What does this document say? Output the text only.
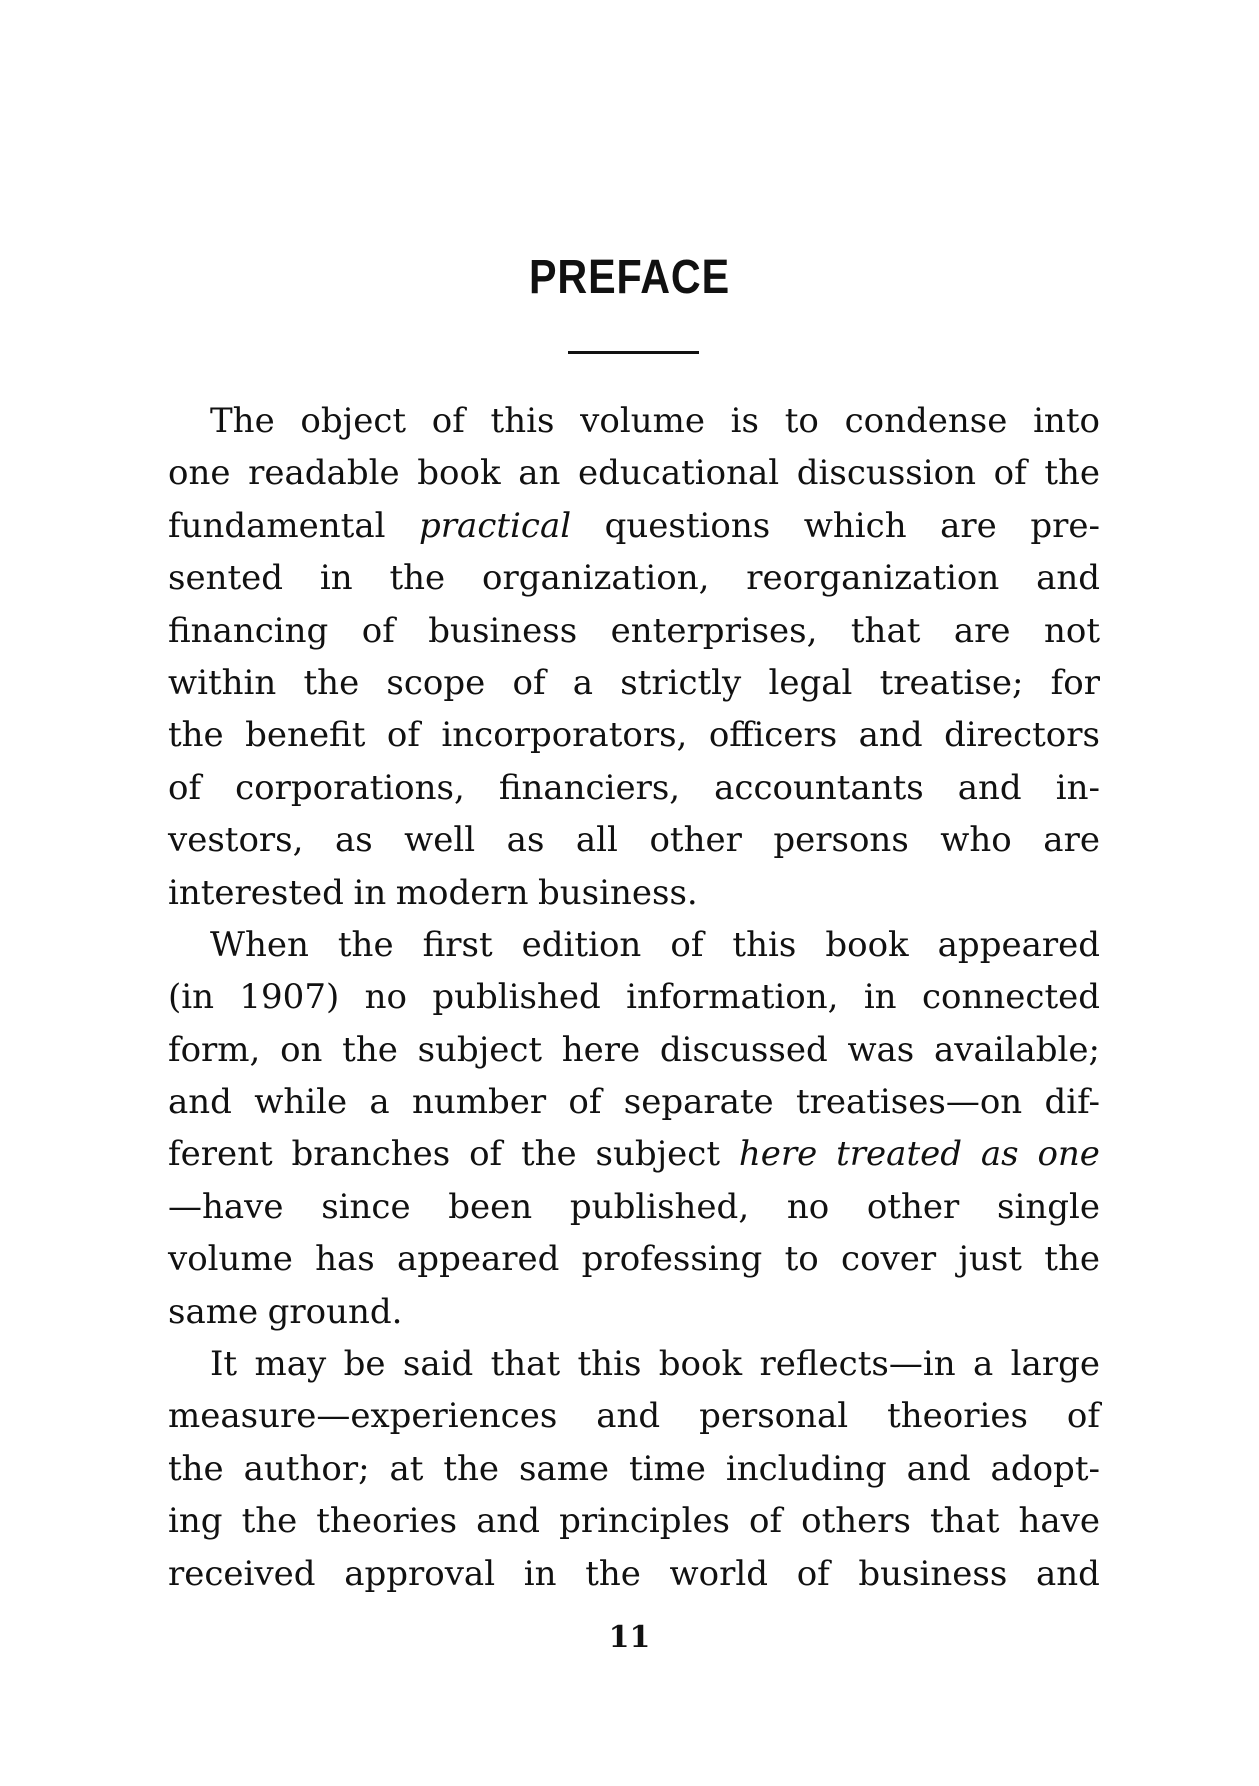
PREFACE
The object of this volume is to condense into
one readable book an educational discussion of the
fundamental practical questions which are pre-
sented in the organization, reorganization and
financing of business enterprises, that are not
within the scope of a strictly legal treatise; for
the benefit of incorporators, officers and directors
of corporations, financiers, accountants and in-
vestors, as well as all other persons who are
interested in modern business.
When the first edition of this book appeared
(in 1907) no published information, in connected
form, on the subject here discussed was available;
and while a number of separate treatises—on dif-
ferent branches of the subject here treated as one
—have since been published, no other single
volume has appeared professing to cover just the
same ground.
It may be said that this book reflects—in a large
measure—experiences and personal theories of
the author; at the same time including and adopt-
ing the theories and principles of others that have
received approval in the world of business and
11
